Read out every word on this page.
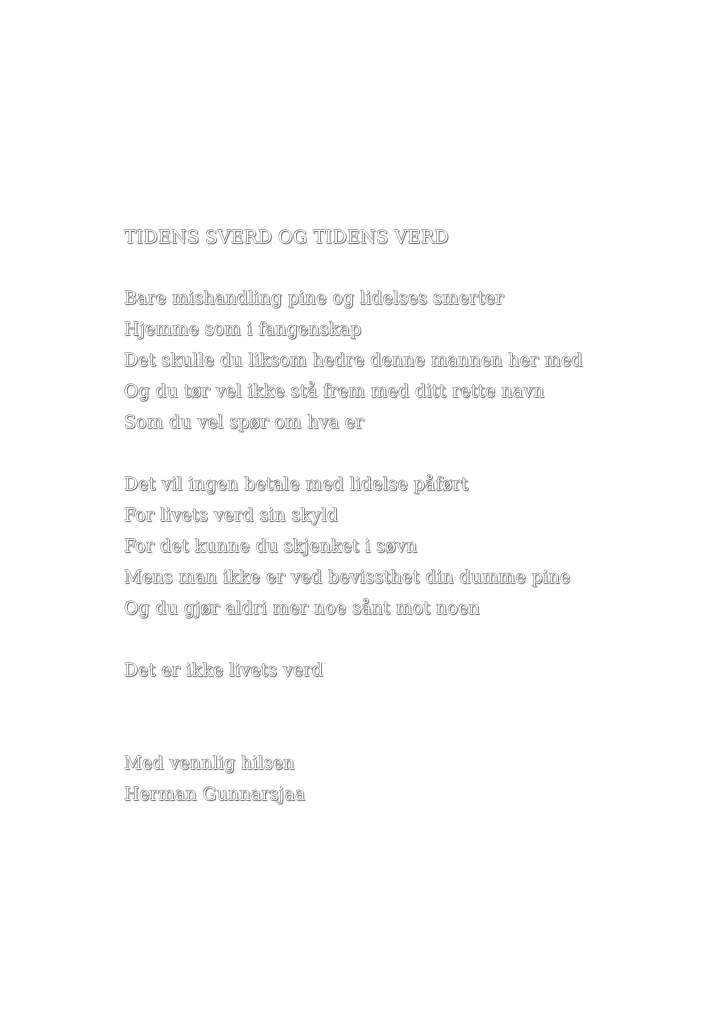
TIDENS SVERD OG TIDENS VERD
Bare mishandling pine og lidelses smerter
Hjemme som i fangenskap
Det skulle du liksom hedre denne mannen her med
Og du tør vel ikke stå frem med ditt rette navn
Som du vel spør om hva er
Det vil ingen betale med lidelse påført
For livets verd sin skyld
For det kunne du skjenket i søvn
Mens man ikke er ved bevissthet din dumme pine
Og du gjør aldri mer noe sånt mot noen
Det er ikke livets verd
Med vennlig hilsen
Herman Gunnarsjaa
